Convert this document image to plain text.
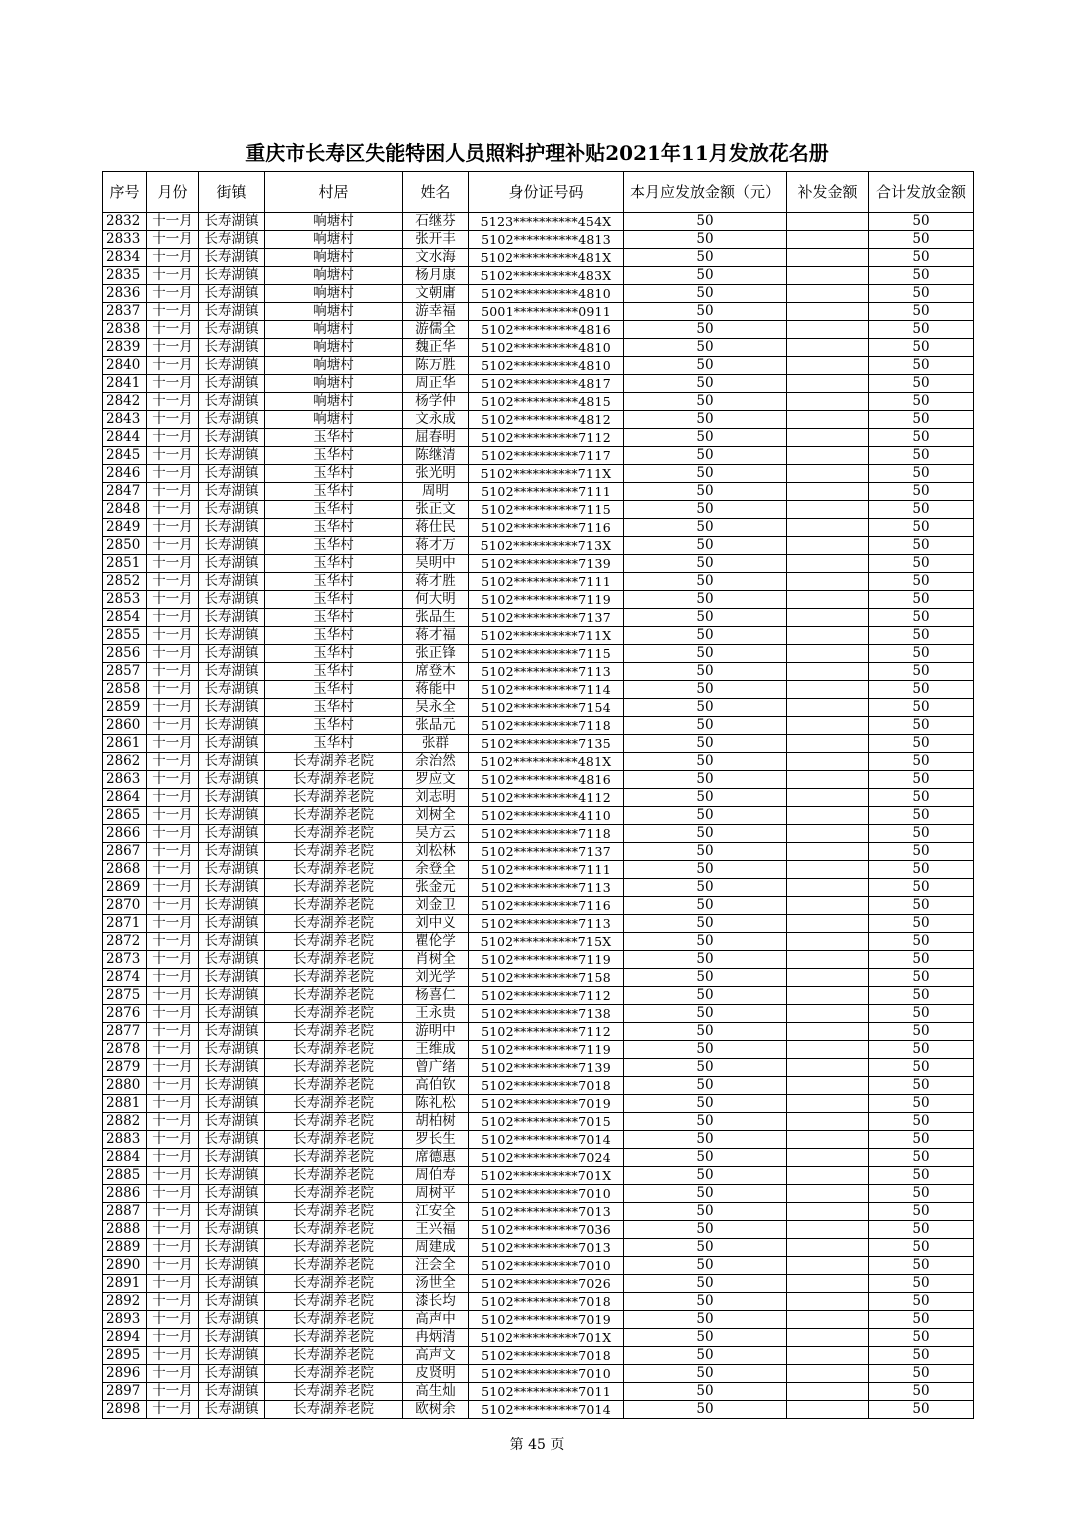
重庆市长寿区失能特困人员照料护理补贴2021年11月发放花名册
序号	月份	街镇	村居	姓名	身份证号码	本月应发放金额（元）	补发金额	合计发放金额
2832	十一月	长寿湖镇	响塘村	石继芬	5123**********454X	50		50
2833	十一月	长寿湖镇	响塘村	张开丰	5102**********4813	50		50
2834	十一月	长寿湖镇	响塘村	文水海	5102**********481X	50		50
2835	十一月	长寿湖镇	响塘村	杨月康	5102**********483X	50		50
2836	十一月	长寿湖镇	响塘村	文朝庸	5102**********4810	50		50
2837	十一月	长寿湖镇	响塘村	游幸福	5001**********0911	50		50
2838	十一月	长寿湖镇	响塘村	游儒全	5102**********4816	50		50
2839	十一月	长寿湖镇	响塘村	魏正华	5102**********4810	50		50
2840	十一月	长寿湖镇	响塘村	陈万胜	5102**********4810	50		50
2841	十一月	长寿湖镇	响塘村	周正华	5102**********4817	50		50
2842	十一月	长寿湖镇	响塘村	杨学仲	5102**********4815	50		50
2843	十一月	长寿湖镇	响塘村	文永成	5102**********4812	50		50
2844	十一月	长寿湖镇	玉华村	屈春明	5102**********7112	50		50
2845	十一月	长寿湖镇	玉华村	陈继清	5102**********7117	50		50
2846	十一月	长寿湖镇	玉华村	张光明	5102**********711X	50		50
2847	十一月	长寿湖镇	玉华村	周明	5102**********7111	50		50
2848	十一月	长寿湖镇	玉华村	张正文	5102**********7115	50		50
2849	十一月	长寿湖镇	玉华村	蒋仕民	5102**********7116	50		50
2850	十一月	长寿湖镇	玉华村	蒋才万	5102**********713X	50		50
2851	十一月	长寿湖镇	玉华村	吴明中	5102**********7139	50		50
2852	十一月	长寿湖镇	玉华村	蒋才胜	5102**********7111	50		50
2853	十一月	长寿湖镇	玉华村	何大明	5102**********7119	50		50
2854	十一月	长寿湖镇	玉华村	张品生	5102**********7137	50		50
2855	十一月	长寿湖镇	玉华村	蒋才福	5102**********711X	50		50
2856	十一月	长寿湖镇	玉华村	张正锋	5102**********7115	50		50
2857	十一月	长寿湖镇	玉华村	席登木	5102**********7113	50		50
2858	十一月	长寿湖镇	玉华村	蒋能中	5102**********7114	50		50
2859	十一月	长寿湖镇	玉华村	吴永全	5102**********7154	50		50
2860	十一月	长寿湖镇	玉华村	张品元	5102**********7118	50		50
2861	十一月	长寿湖镇	玉华村	张群	5102**********7135	50		50
2862	十一月	长寿湖镇	长寿湖养老院	余治然	5102**********481X	50		50
2863	十一月	长寿湖镇	长寿湖养老院	罗应文	5102**********4816	50		50
2864	十一月	长寿湖镇	长寿湖养老院	刘志明	5102**********4112	50		50
2865	十一月	长寿湖镇	长寿湖养老院	刘树全	5102**********4110	50		50
2866	十一月	长寿湖镇	长寿湖养老院	吴方云	5102**********7118	50		50
2867	十一月	长寿湖镇	长寿湖养老院	刘松林	5102**********7137	50		50
2868	十一月	长寿湖镇	长寿湖养老院	余登全	5102**********7111	50		50
2869	十一月	长寿湖镇	长寿湖养老院	张金元	5102**********7113	50		50
2870	十一月	长寿湖镇	长寿湖养老院	刘金卫	5102**********7116	50		50
2871	十一月	长寿湖镇	长寿湖养老院	刘中义	5102**********7113	50		50
2872	十一月	长寿湖镇	长寿湖养老院	瞿伦学	5102**********715X	50		50
2873	十一月	长寿湖镇	长寿湖养老院	肖树全	5102**********7119	50		50
2874	十一月	长寿湖镇	长寿湖养老院	刘光学	5102**********7158	50		50
2875	十一月	长寿湖镇	长寿湖养老院	杨喜仁	5102**********7112	50		50
2876	十一月	长寿湖镇	长寿湖养老院	王永贵	5102**********7138	50		50
2877	十一月	长寿湖镇	长寿湖养老院	游明中	5102**********7112	50		50
2878	十一月	长寿湖镇	长寿湖养老院	王维成	5102**********7119	50		50
2879	十一月	长寿湖镇	长寿湖养老院	曾广绪	5102**********7139	50		50
2880	十一月	长寿湖镇	长寿湖养老院	高伯钦	5102**********7018	50		50
2881	十一月	长寿湖镇	长寿湖养老院	陈礼松	5102**********7019	50		50
2882	十一月	长寿湖镇	长寿湖养老院	胡柏树	5102**********7015	50		50
2883	十一月	长寿湖镇	长寿湖养老院	罗长生	5102**********7014	50		50
2884	十一月	长寿湖镇	长寿湖养老院	席德惠	5102**********7024	50		50
2885	十一月	长寿湖镇	长寿湖养老院	周伯寿	5102**********701X	50		50
2886	十一月	长寿湖镇	长寿湖养老院	周树平	5102**********7010	50		50
2887	十一月	长寿湖镇	长寿湖养老院	江安全	5102**********7013	50		50
2888	十一月	长寿湖镇	长寿湖养老院	王兴福	5102**********7036	50		50
2889	十一月	长寿湖镇	长寿湖养老院	周建成	5102**********7013	50		50
2890	十一月	长寿湖镇	长寿湖养老院	汪会全	5102**********7010	50		50
2891	十一月	长寿湖镇	长寿湖养老院	汤世全	5102**********7026	50		50
2892	十一月	长寿湖镇	长寿湖养老院	漆长均	5102**********7018	50		50
2893	十一月	长寿湖镇	长寿湖养老院	高声中	5102**********7019	50		50
2894	十一月	长寿湖镇	长寿湖养老院	冉炳清	5102**********701X	50		50
2895	十一月	长寿湖镇	长寿湖养老院	高声文	5102**********7018	50		50
2896	十一月	长寿湖镇	长寿湖养老院	皮贤明	5102**********7010	50		50
2897	十一月	长寿湖镇	长寿湖养老院	高生灿	5102**********7011	50		50
2898	十一月	长寿湖镇	长寿湖养老院	欧树余	5102**********7014	50		50
第 45 页
